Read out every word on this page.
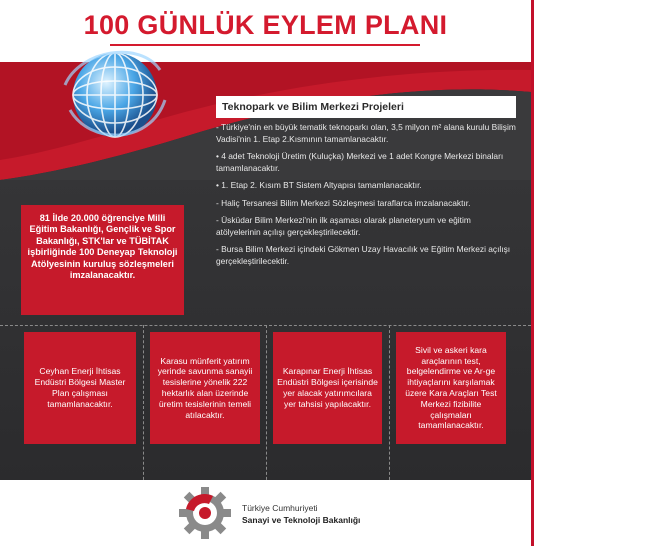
100 GÜNLÜK EYLEM PLANI
Teknopark ve Bilim Merkezi Projeleri

- Türkiye'nin en büyük tematik teknoparkı olan, 3,5 milyon m² alana kurulu Bilişim Vadisi'nin 1. Etap 2.Kısmının tamamlanacaktır.

• 4 adet Teknoloji Üretim (Kuluçka) Merkezi ve 1 adet Kongre Merkezi binaları tamamlanacaktır.

• 1. Etap 2. Kısım BT Sistem Altyapısı tamamlanacaktır.

- Haliç Tersanesi Bilim Merkezi Sözleşmesi taraflarca imzalanacaktır.

- Üsküdar Bilim Merkezi'nin ilk aşaması olarak planeteryum ve eğitim atölyelerinin açılışı gerçekleştirilecektir.

- Bursa Bilim Merkezi içindeki Gökmen Uzay Havacılık ve Eğitim Merkezi açılışı gerçekleştirilecektir.

81 İlde 20.000 öğrenciye Milli Eğitim Bakanlığı, Gençlik ve Spor Bakanlığı, STK'lar ve TÜBİTAK işbirliğinde 100 Deneyap Teknoloji Atölyesinin kuruluş sözleşmeleri imzalanacaktır.
Ceyhan Enerji İhtisas Endüstri Bölgesi Master Plan çalışması tamamlanacaktır.
Karasu münferit yatırım yerinde savunma sanayii tesislerine yönelik 222 hektarlık alan üzerinde üretim tesislerinin temeli atılacaktır.
Karapınar Enerji İhtisas Endüstri Bölgesi içerisinde yer alacak yatırımcılara yer tahsisi yapılacaktır.
Sivil ve askeri kara araçlarının test, belgelendirme ve Ar-ge ihtiyaçlarını karşılamak üzere Kara Araçları Test Merkezi fizibilite çalışmaları tamamlanacaktır.
Türkiye Cumhuriyeti
Sanayi ve Teknoloji Bakanlığı
